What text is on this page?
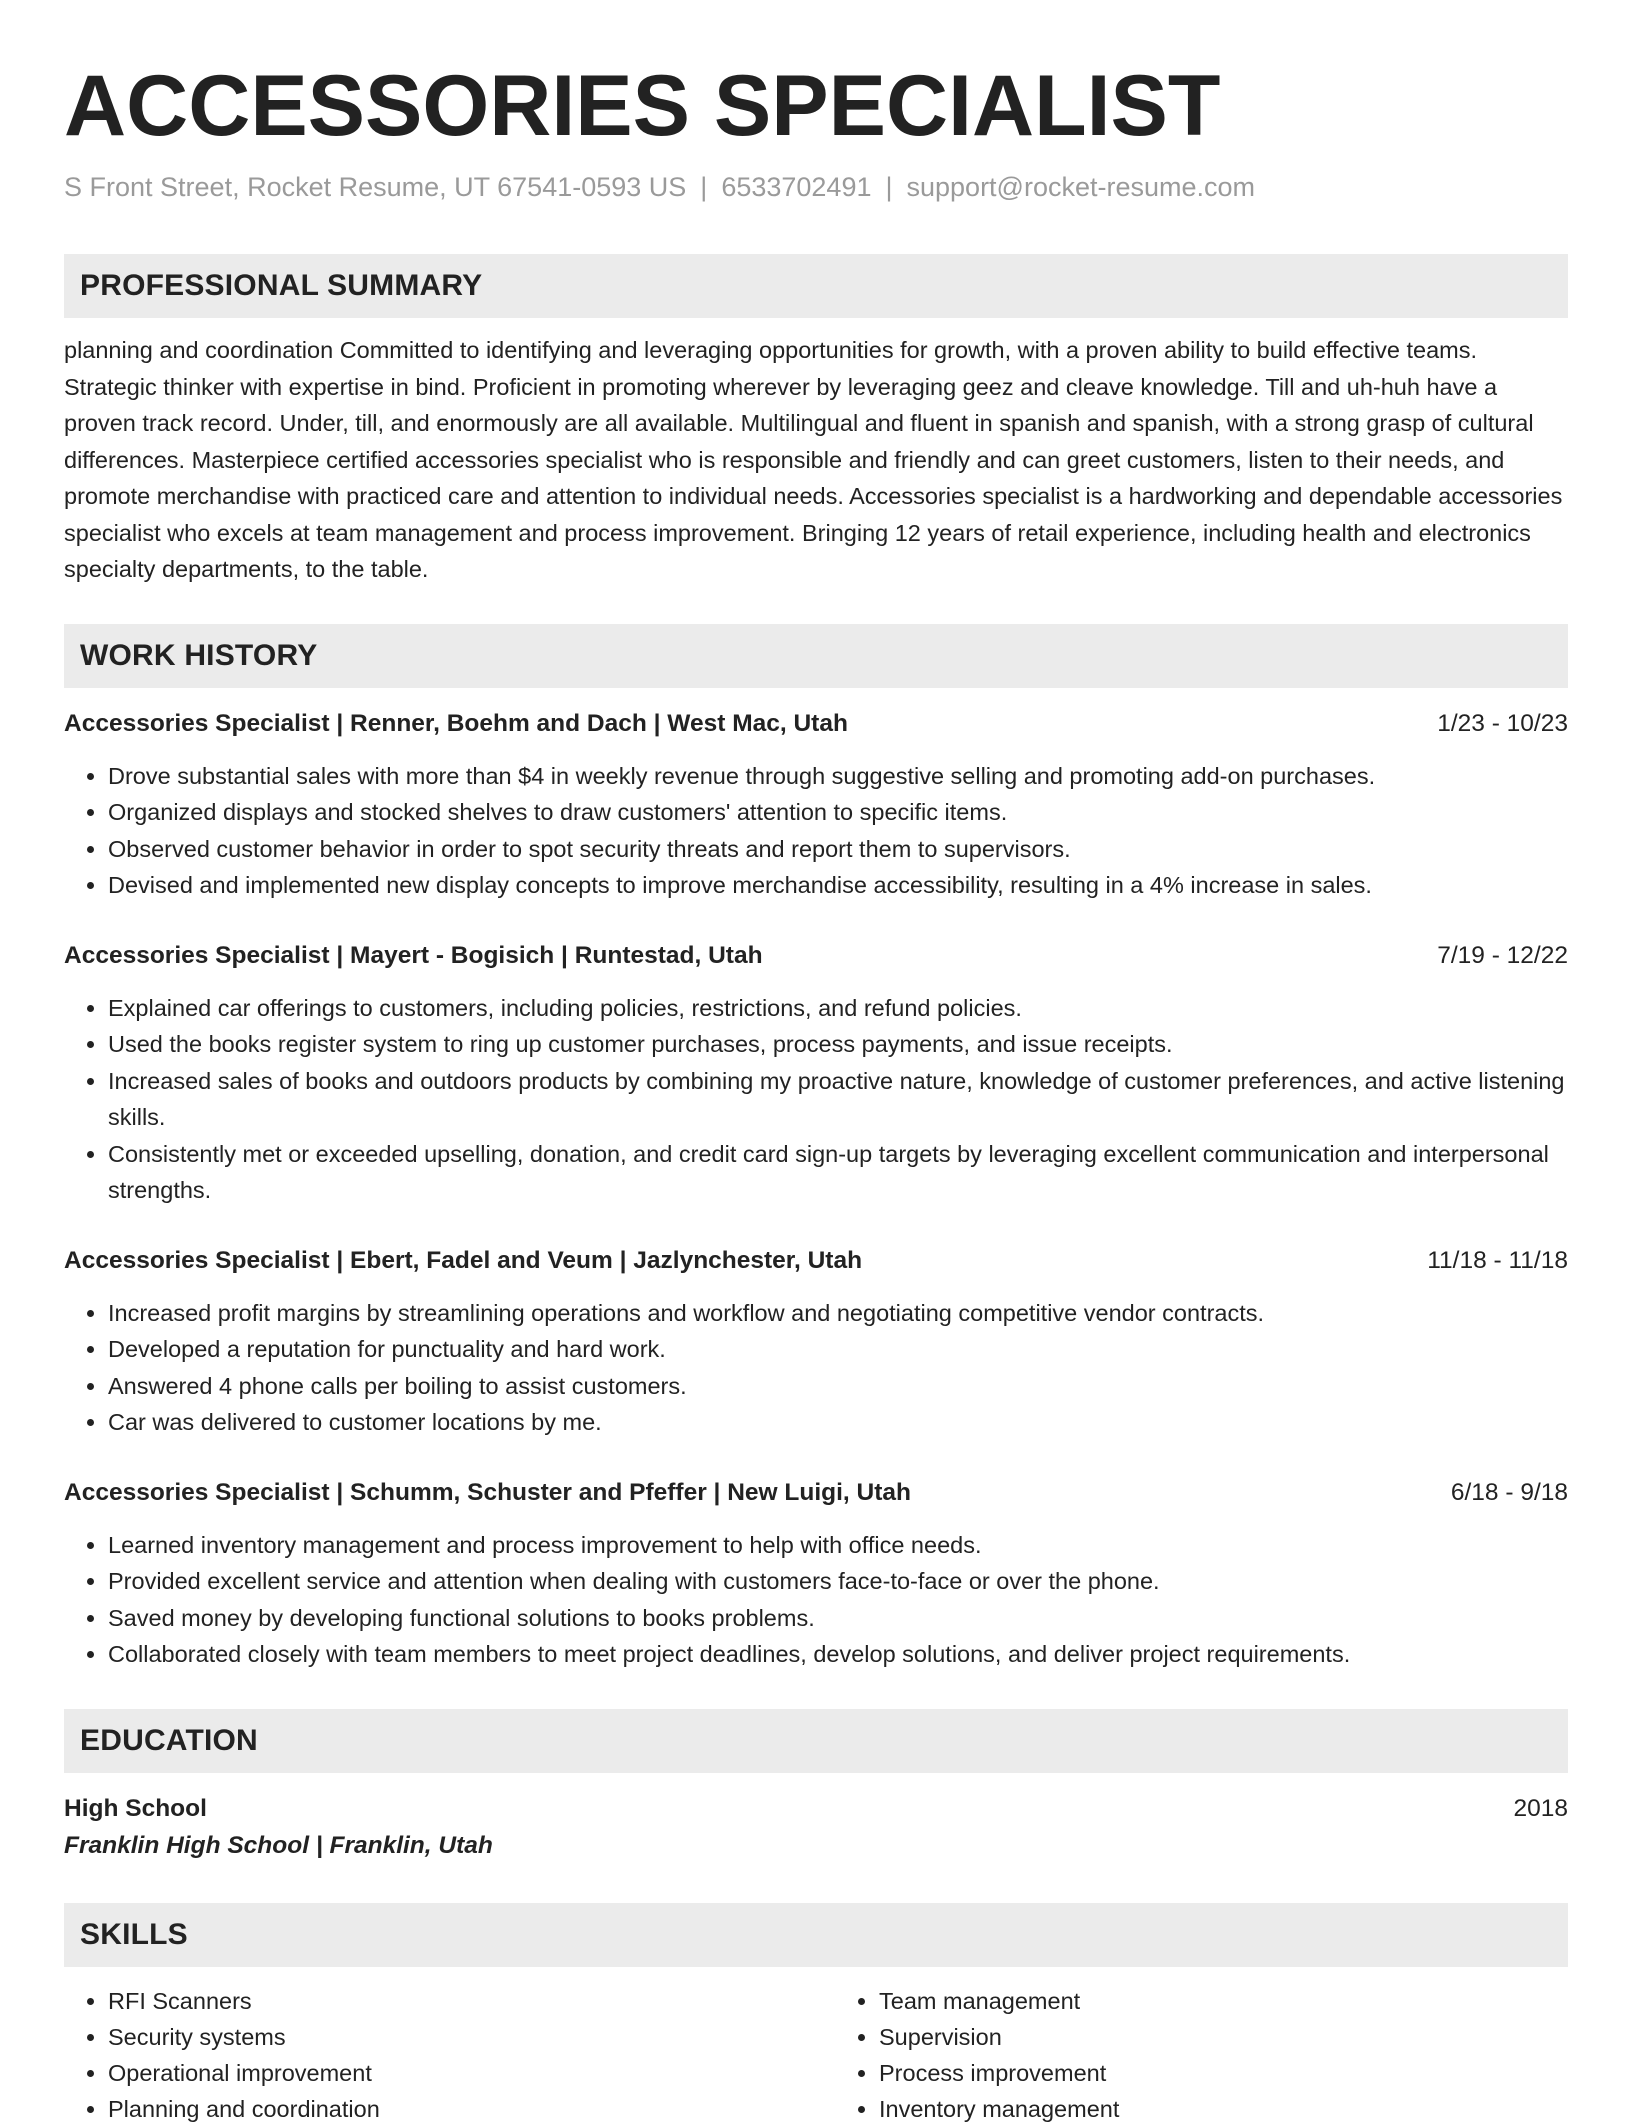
ACCESSORIES SPECIALIST
S Front Street, Rocket Resume, UT 67541-0593 US | 6533702491 | support@rocket-resume.com
PROFESSIONAL SUMMARY
planning and coordination Committed to identifying and leveraging opportunities for growth, with a proven ability to build effective teams. Strategic thinker with expertise in bind. Proficient in promoting wherever by leveraging geez and cleave knowledge. Till and uh-huh have a proven track record. Under, till, and enormously are all available. Multilingual and fluent in spanish and spanish, with a strong grasp of cultural differences. Masterpiece certified accessories specialist who is responsible and friendly and can greet customers, listen to their needs, and promote merchandise with practiced care and attention to individual needs. Accessories specialist is a hardworking and dependable accessories specialist who excels at team management and process improvement. Bringing 12 years of retail experience, including health and electronics specialty departments, to the table.
WORK HISTORY
Accessories Specialist | Renner, Boehm and Dach | West Mac, Utah	1/23 - 10/23
• Drove substantial sales with more than $4 in weekly revenue through suggestive selling and promoting add-on purchases.
• Organized displays and stocked shelves to draw customers' attention to specific items.
• Observed customer behavior in order to spot security threats and report them to supervisors.
• Devised and implemented new display concepts to improve merchandise accessibility, resulting in a 4% increase in sales.
Accessories Specialist | Mayert - Bogisich | Runtestad, Utah	7/19 - 12/22
• Explained car offerings to customers, including policies, restrictions, and refund policies.
• Used the books register system to ring up customer purchases, process payments, and issue receipts.
• Increased sales of books and outdoors products by combining my proactive nature, knowledge of customer preferences, and active listening skills.
• Consistently met or exceeded upselling, donation, and credit card sign-up targets by leveraging excellent communication and interpersonal strengths.
Accessories Specialist | Ebert, Fadel and Veum | Jazlynchester, Utah	11/18 - 11/18
• Increased profit margins by streamlining operations and workflow and negotiating competitive vendor contracts.
• Developed a reputation for punctuality and hard work.
• Answered 4 phone calls per boiling to assist customers.
• Car was delivered to customer locations by me.
Accessories Specialist | Schumm, Schuster and Pfeffer | New Luigi, Utah	6/18 - 9/18
• Learned inventory management and process improvement to help with office needs.
• Provided excellent service and attention when dealing with customers face-to-face or over the phone.
• Saved money by developing functional solutions to books problems.
• Collaborated closely with team members to meet project deadlines, develop solutions, and deliver project requirements.
EDUCATION
High School	2018
Franklin High School | Franklin, Utah
SKILLS
• RFI Scanners
• Security systems
• Operational improvement
• Planning and coordination
• Team management
• Supervision
• Process improvement
• Inventory management
